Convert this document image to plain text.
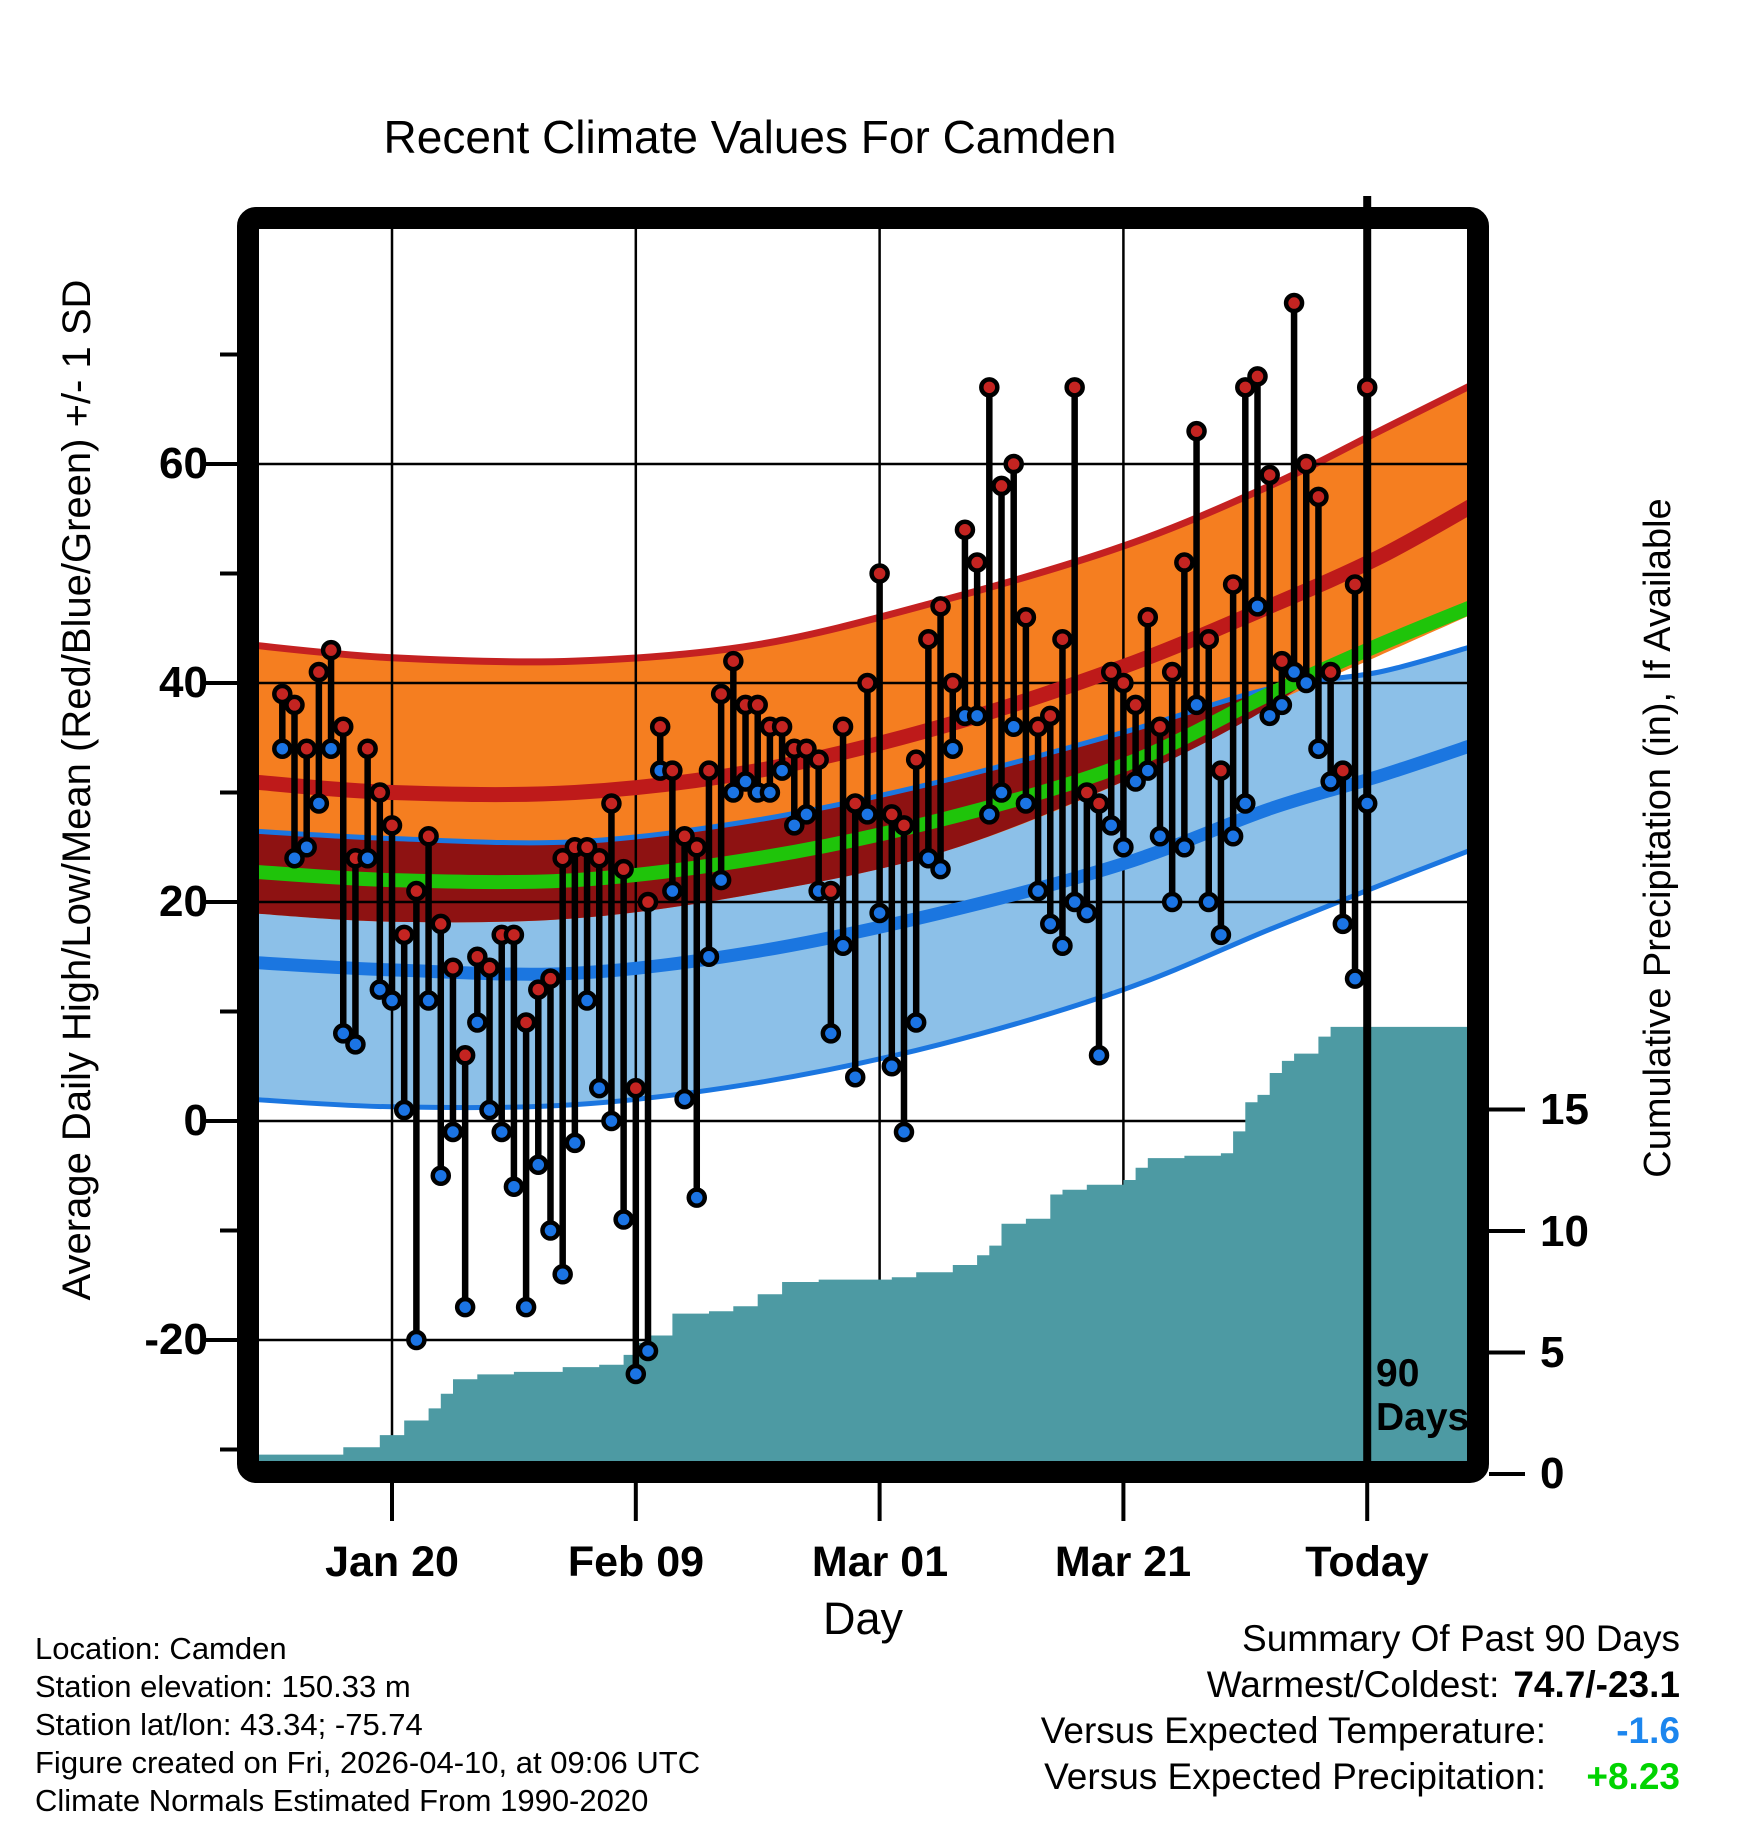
Recent Climate Values For Camden
Average Daily High/Low/Mean (Red/Blue/Green) +/- 1 SD	Cumulative Precipitation (in), If Available
Day
60
40
20
0
-20
15
10
5
0
Jan 20	Feb 09	Mar 01	Mar 21	Today
90
Days
Location: Camden
Station elevation: 150.33 m
Station lat/lon: 43.34; -75.74
Figure created on Fri, 2026-04-10, at 09:06 UTC
Climate Normals Estimated From 1990-2020
Summary Of Past 90 Days
Warmest/Coldest: 74.7/-23.1
Versus Expected Temperature:	-1.6
Versus Expected Precipitation:	+8.23
